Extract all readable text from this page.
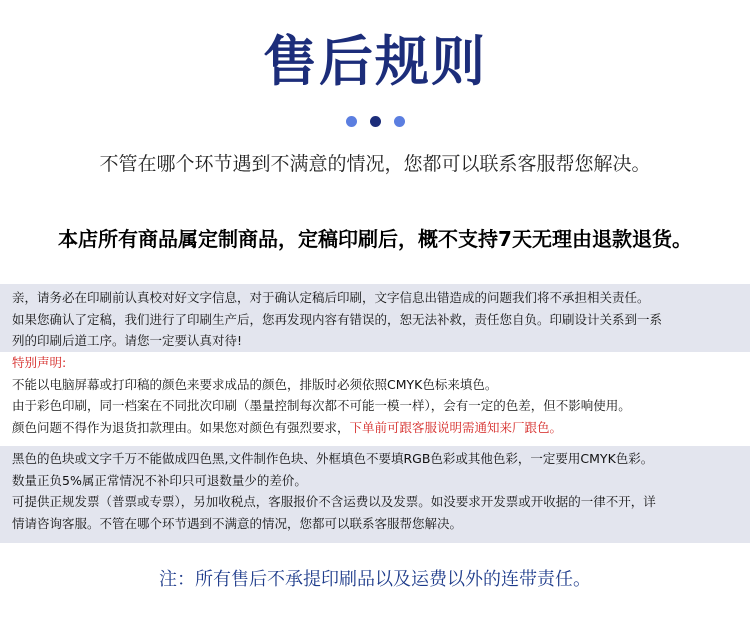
售后规则
不管在哪个环节遇到不满意的情况，您都可以联系客服帮您解决。
本店所有商品属定制商品，定稿印刷后，概不支持7天无理由退款退货。

亲，请务必在印刷前认真校对好文字信息，对于确认定稿后印刷，文字信息出错造成的问题我们将不承担相关责任。

如果您确认了定稿，我们进行了印刷生产后，您再发现内容有错误的，恕无法补救，责任您自负。印刷设计关系到一系

列的印刷后道工序。请您一定要认真对待!

特别声明:

不能以电脑屏幕或打印稿的颜色来要求成品的颜色，排版时必须依照CMYK色标来填色。

由于彩色印刷，同一档案在不同批次印刷（墨量控制每次都不可能一模一样），会有一定的色差，但不影响使用。

颜色问题不得作为退货扣款理由。如果您对颜色有强烈要求，下单前可跟客服说明需通知来厂跟色。

黑色的色块或文字千万不能做成四色黑,文件制作色块、外框填色不要填RGB色彩或其他色彩，一定要用CMYK色彩。

数量正负5%属正常情况不补印只可退数量少的差价。

可提供正规发票（普票或专票），另加收税点，客服报价不含运费以及发票。如没要求开发票或开收据的一律不开，详

情请咨询客服。不管在哪个环节遇到不满意的情况，您都可以联系客服帮您解决。

注：所有售后不承提印刷品以及运费以外的连带责任。
